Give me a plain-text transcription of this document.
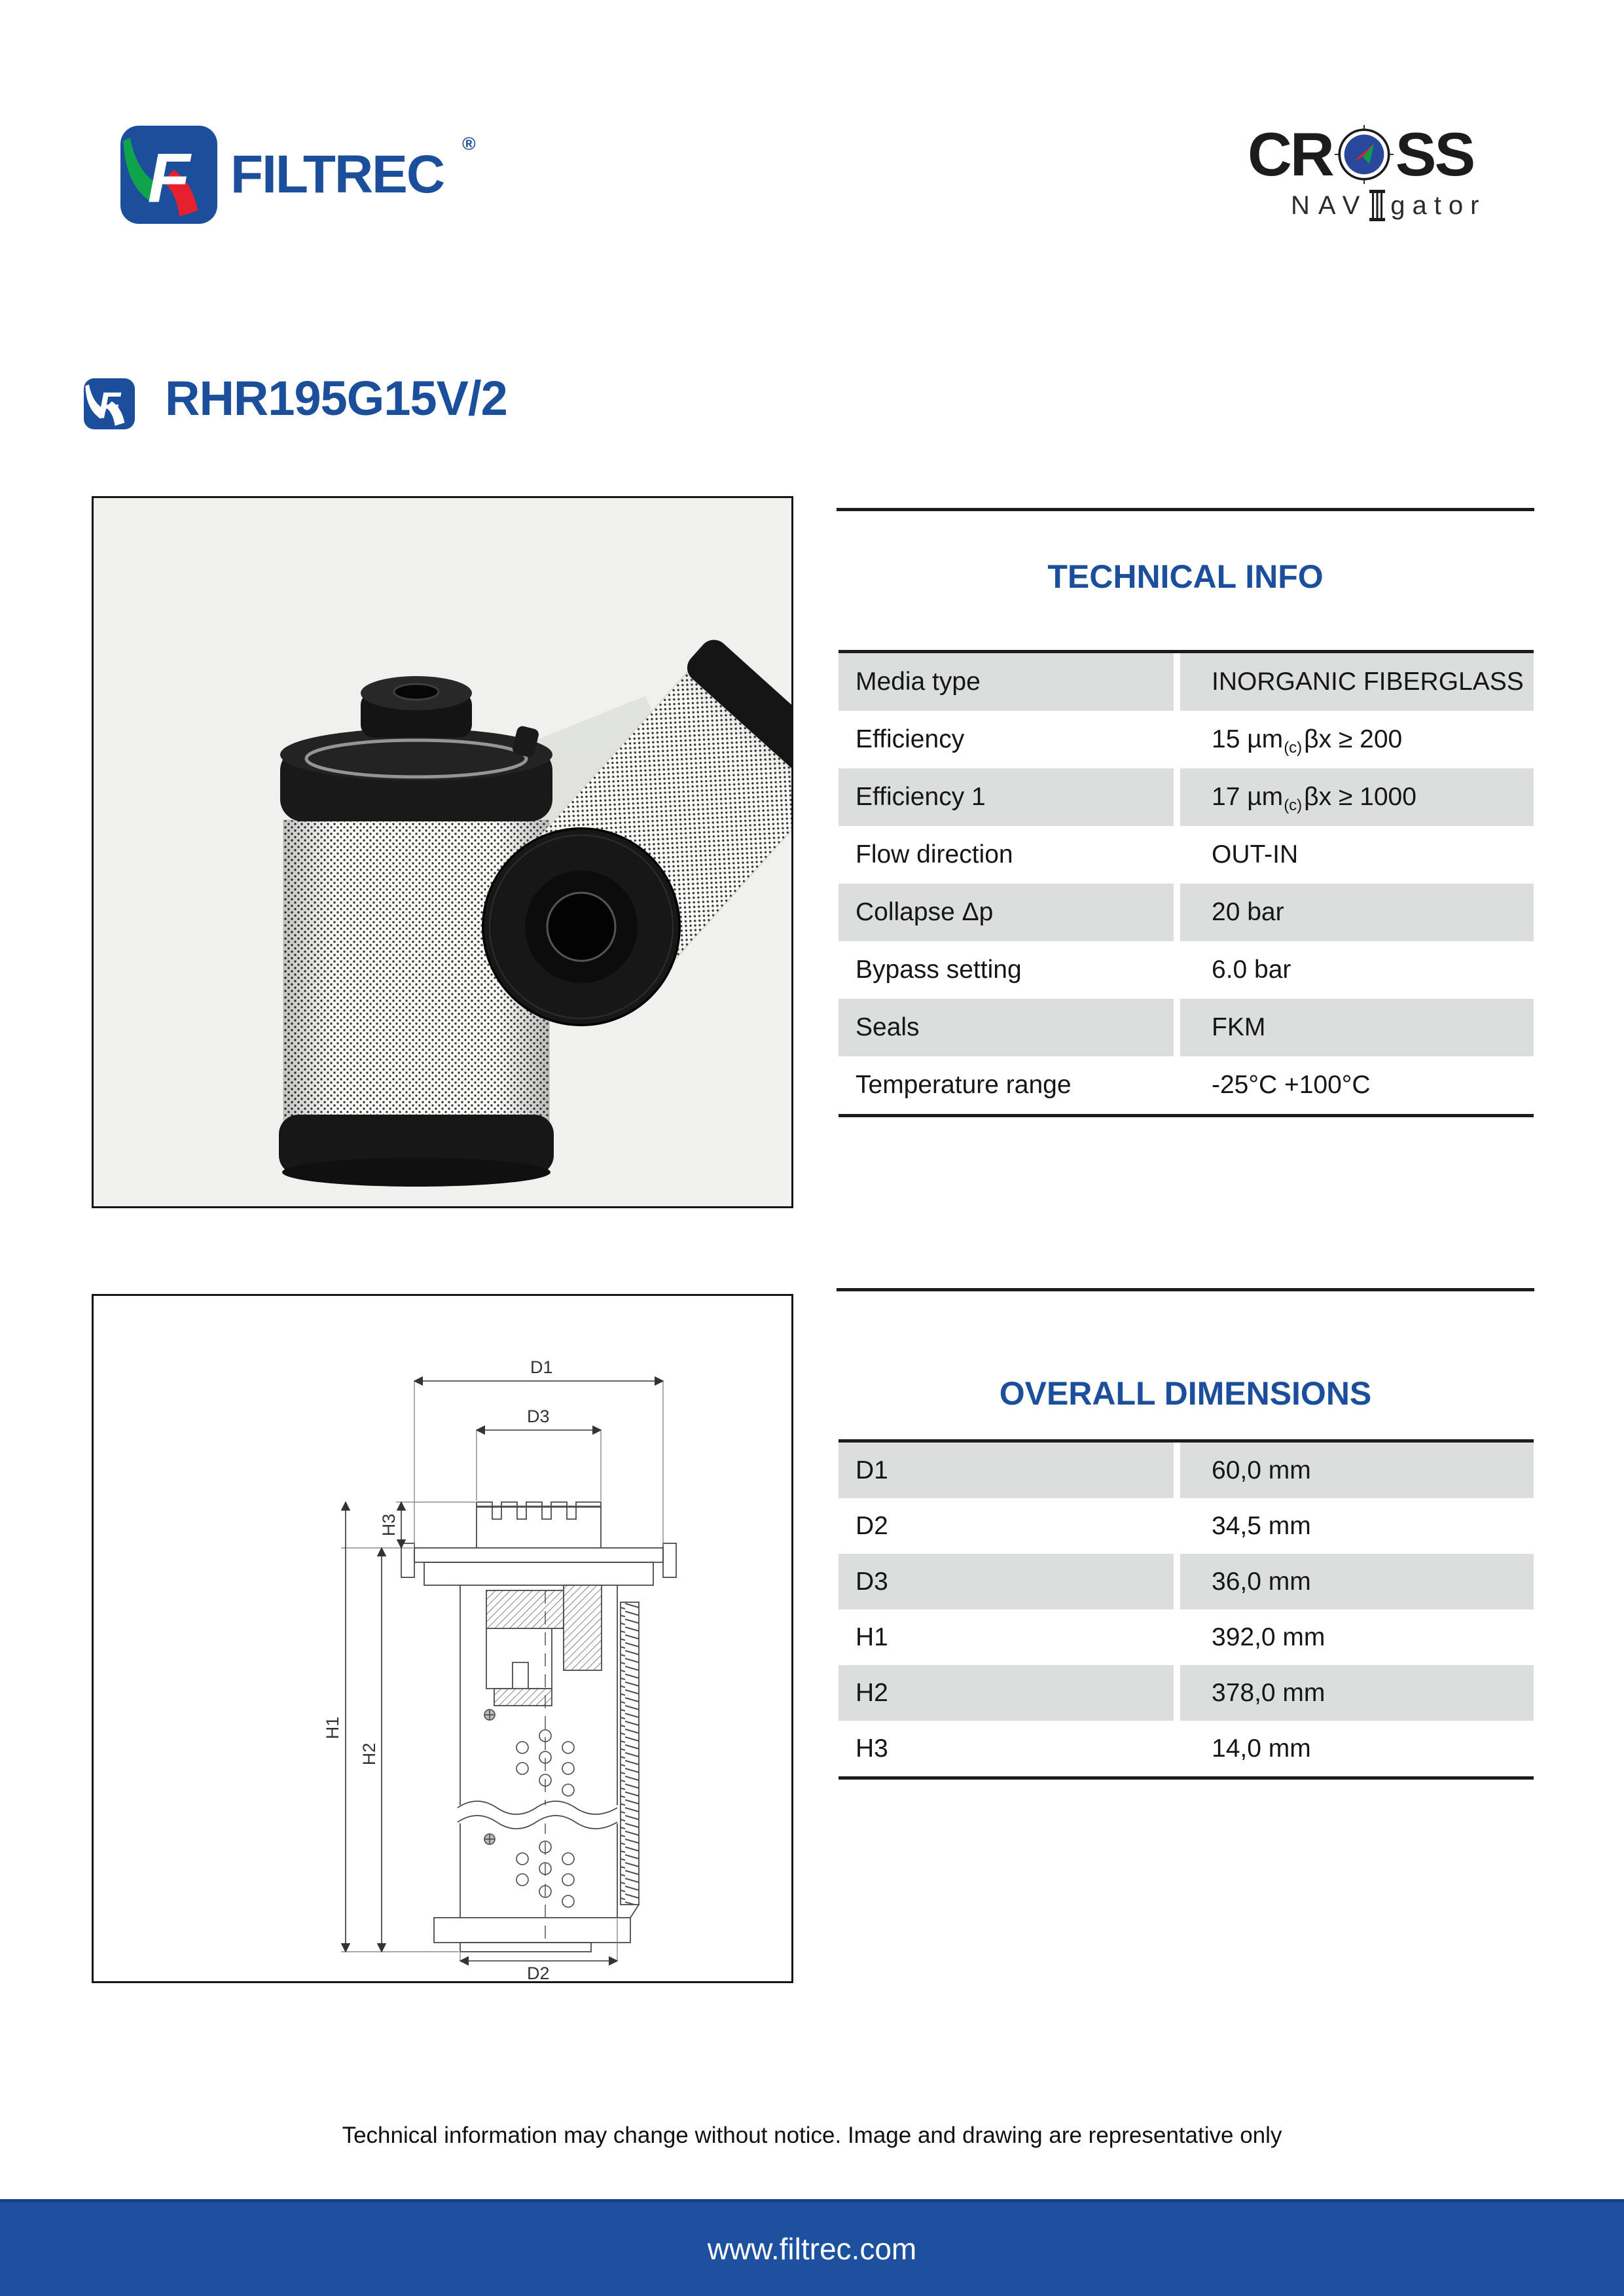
F FILTREC
®	CR SS
NAV gator
F RHR195G15V/2
TECHNICAL INFO
Media type	INORGANIC FIBERGLASS
Efficiency	15 µm (c) βx ≥ 200
Efficiency 1	17 µm (c) βx ≥ 1000
Flow direction	OUT-IN
Collapse Δp	20 bar
Bypass setting	6.0 bar
Seals	FKM
Temperature range	-25°C +100°C
D1
D3
H3
H1
H2
D2
OVERALL DIMENSIONS
D1	60,0 mm
D2	34,5 mm
D3	36,0 mm
H1	392,0 mm
H2	378,0 mm
H3	14,0 mm
Technical information may change without notice. Image and drawing are representative only
www.filtrec.com
